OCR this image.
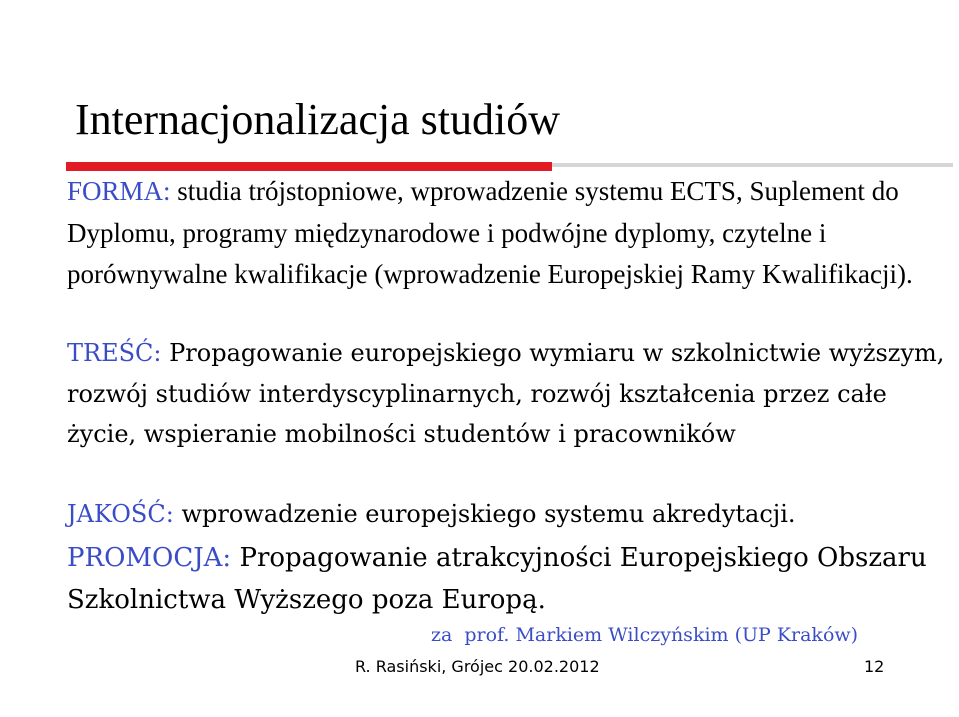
Internacjonalizacja studiów
FORMA: studia trójstopniowe, wprowadzenie systemu ECTS, Suplement do Dyplomu, programy międzynarodowe i podwójne dyplomy, czytelne i porównywalne kwalifikacje (wprowadzenie Europejskiej Ramy Kwalifikacji).
TREŚĆ: Propagowanie europejskiego wymiaru w szkolnictwie wyższym, rozwój studiów interdyscyplinarnych, rozwój kształcenia przez całe życie, wspieranie mobilności studentów i pracowników
JAKOŚĆ: wprowadzenie europejskiego systemu akredytacji.
PROMOCJA: Propagowanie atrakcyjności Europejskiego Obszaru Szkolnictwa Wyższego poza Europą.
za prof. Markiem Wilczyńskim (UP Kraków)
R. Rasiński, Grójec 20.02.2012	12
